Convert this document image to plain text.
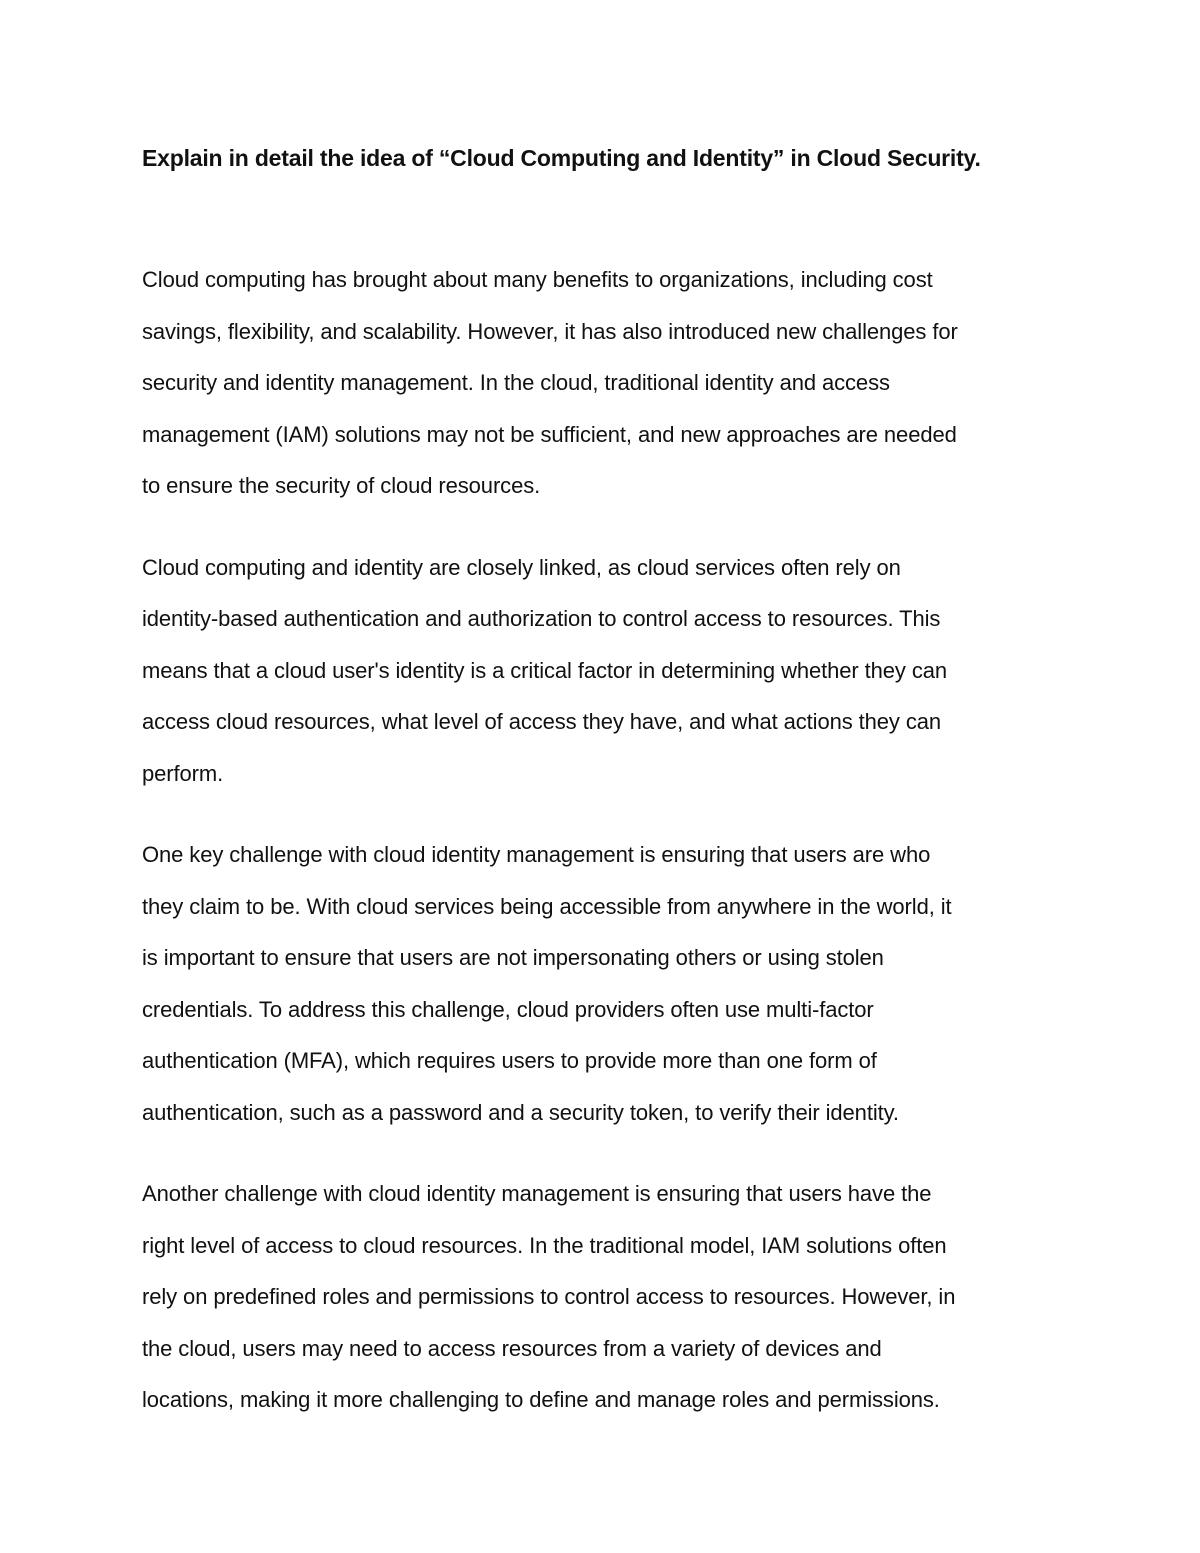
Explain in detail the idea of “Cloud Computing and Identity” in Cloud Security.

Cloud computing has brought about many benefits to organizations, including cost
savings, flexibility, and scalability. However, it has also introduced new challenges for
security and identity management. In the cloud, traditional identity and access
management (IAM) solutions may not be sufficient, and new approaches are needed
to ensure the security of cloud resources.

Cloud computing and identity are closely linked, as cloud services often rely on
identity-based authentication and authorization to control access to resources. This
means that a cloud user's identity is a critical factor in determining whether they can
access cloud resources, what level of access they have, and what actions they can
perform.

One key challenge with cloud identity management is ensuring that users are who
they claim to be. With cloud services being accessible from anywhere in the world, it
is important to ensure that users are not impersonating others or using stolen
credentials. To address this challenge, cloud providers often use multi-factor
authentication (MFA), which requires users to provide more than one form of
authentication, such as a password and a security token, to verify their identity.

Another challenge with cloud identity management is ensuring that users have the
right level of access to cloud resources. In the traditional model, IAM solutions often
rely on predefined roles and permissions to control access to resources. However, in
the cloud, users may need to access resources from a variety of devices and
locations, making it more challenging to define and manage roles and permissions.
